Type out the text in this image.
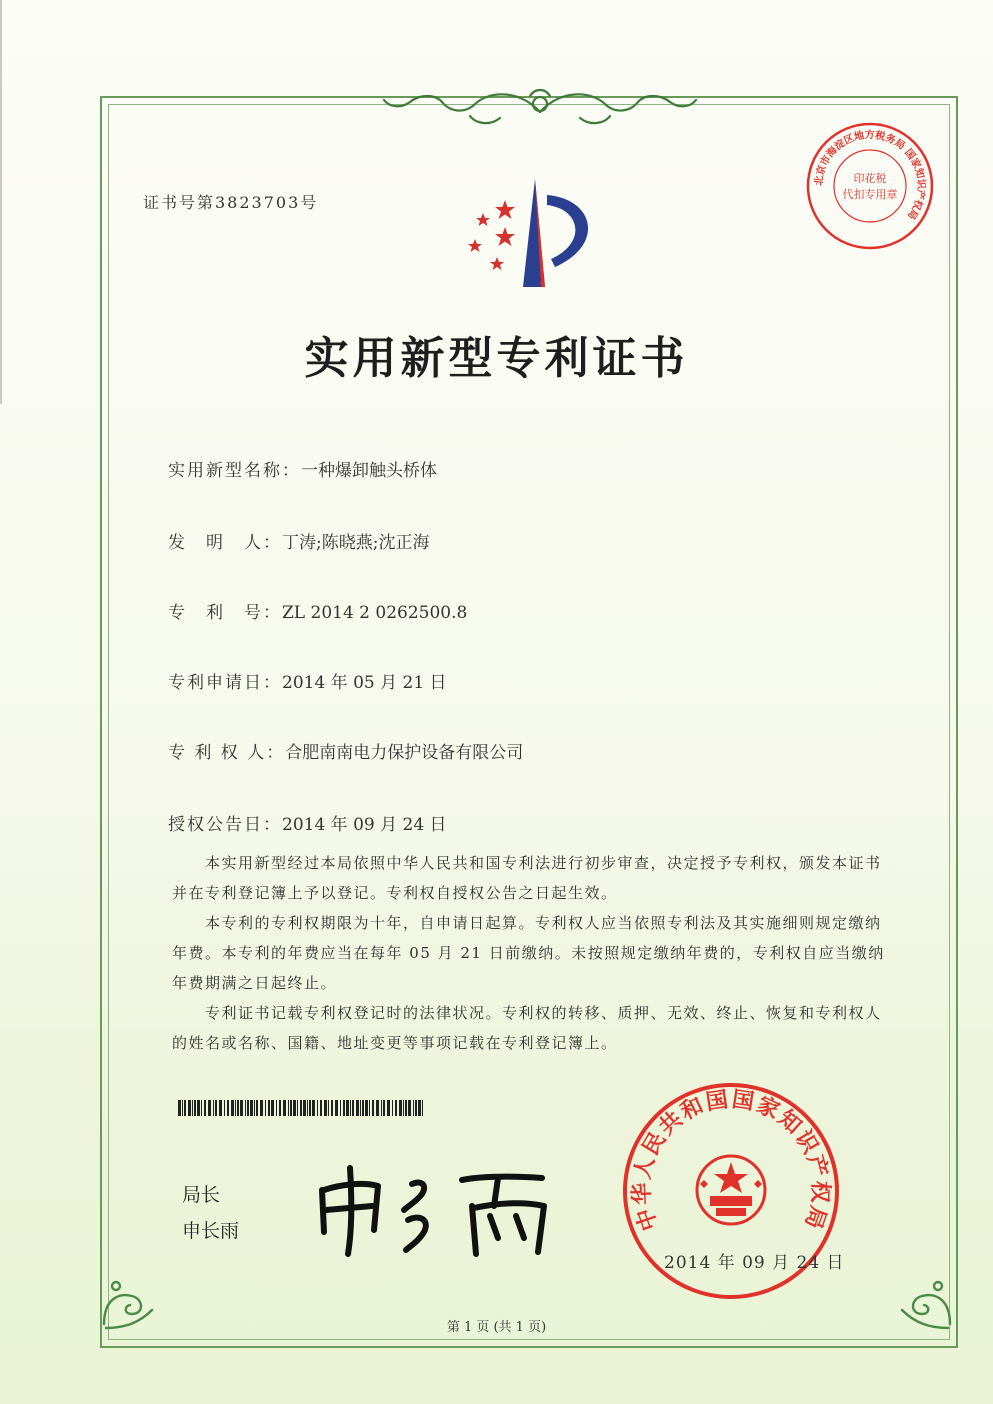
证书号第3823703号
北京市海淀区地方税务局 国家知识产权局
印花税
代扣专用章
实用新型专利证书
实用新型名称：一种爆卸触头桥体
发　明　人：丁涛;陈晓燕;沈正海
专　利　号：ZL 2014 2 0262500.8
专利申请日：2014 年 05 月 21 日
专 利 权 人：合肥南南电力保护设备有限公司
授权公告日：2014 年 09 月 24 日

本实用新型经过本局依照中华人民共和国专利法进行初步审查，决定授予专利权，颁发本证书并在专利登记簿上予以登记。专利权自授权公告之日起生效。

本专利的专利权期限为十年，自申请日起算。专利权人应当依照专利法及其实施细则规定缴纳年费。本专利的年费应当在每年 05 月 21 日前缴纳。未按照规定缴纳年费的，专利权自应当缴纳年费期满之日起终止。

专利证书记载专利权登记时的法律状况。专利权的转移、质押、无效、终止、恢复和专利权人的姓名或名称、国籍、地址变更等事项记载在专利登记簿上。

局长
申长雨	中华人民共和国国家知识产权局
2014 年 09 月 24 日
第 1 页 (共 1 页)
